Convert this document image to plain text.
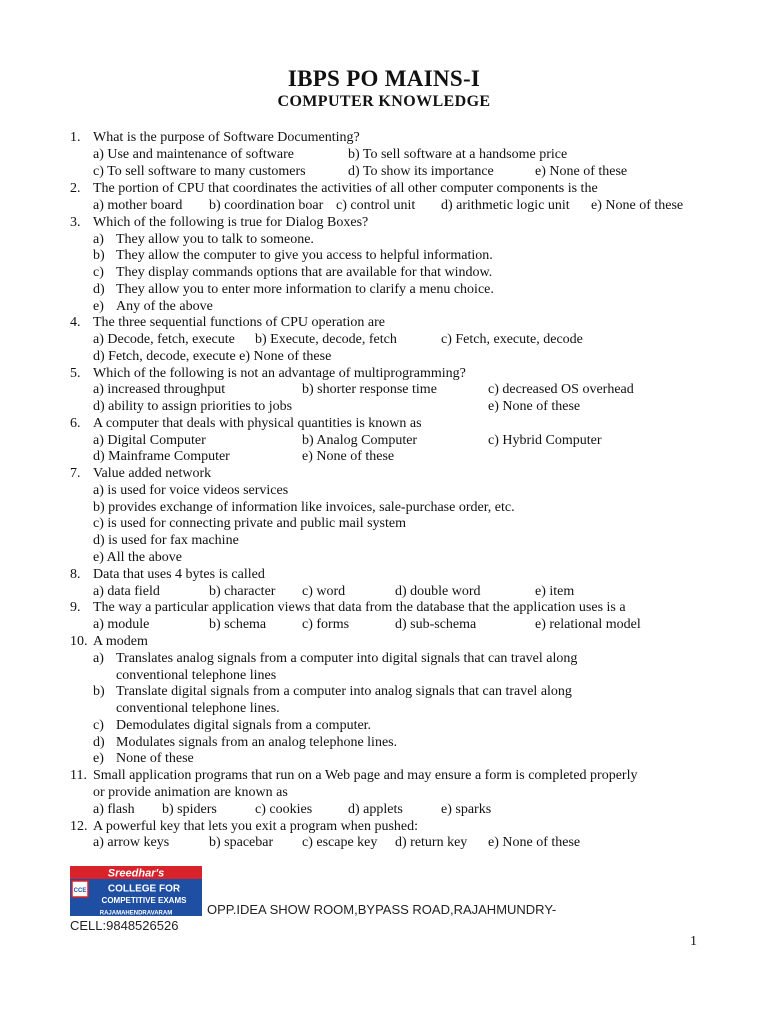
IBPS PO MAINS-I
COMPUTER KNOWLEDGE
1. What is the purpose of Software Documenting?
a) Use and maintenance of software	b) To sell software at a handsome price
c) To sell software to many customers	d) To show its importance	e) None of these
2. The portion of CPU that coordinates the activities of all other computer components is the
a) mother board b) coordination boar c) control unit d) arithmetic logic unit e) None of these
3. Which of the following is true for Dialog Boxes?
a) They allow you to talk to someone.
b) They allow the computer to give you access to helpful information.
c) They display commands options that are available for that window.
d) They allow you to enter more information to clarify a menu choice.
e) Any of the above
4. The three sequential functions of CPU operation are
a) Decode, fetch, execute b) Execute, decode, fetch	c) Fetch, execute, decode
d) Fetch, decode, execute e) None of these
5. Which of the following is not an advantage of multiprogramming?
a) increased throughput	b) shorter response time	c) decreased OS overhead
d) ability to assign priorities to jobs	e) None of these
6. A computer that deals with physical quantities is known as
a) Digital Computer	b) Analog Computer	c) Hybrid Computer
d) Mainframe Computer	e) None of these
7. Value added network
a) is used for voice videos services
b) provides exchange of information like invoices, sale-purchase order, etc.
c) is used for connecting private and public mail system
d) is used for fax machine
e) All the above
8. Data that uses 4 bytes is called
a) data field	b) character c) word	d) double word	e) item
9. The way a particular application views that data from the database that the application uses is a
a) module	b) schema	c) forms	d) sub-schema	e) relational model
10. A modem
a) Translates analog signals from a computer into digital signals that can travel along
conventional telephone lines
b) Translate digital signals from a computer into analog signals that can travel along
conventional telephone lines.
c) Demodulates digital signals from a computer.
d) Modulates signals from an analog telephone lines.
e) None of these
11. Small application programs that run on a Web page and may ensure a form is completed properly
or provide animation are known as
a) flash b) spiders	c) cookies	d) applets	e) sparks
12. A powerful key that lets you exit a program when pushed:
a) arrow keys	b) spacebar c) escape key d) return key e) None of these
Sreedhar's
CCE COLLEGE FOR
COMPETITIVE EXAMS
RAJAMAHENDRAVARAM	OPP.IDEA SHOW ROOM,BYPASS ROAD,RAJAHMUNDRY-
CELL:9848526526
1
